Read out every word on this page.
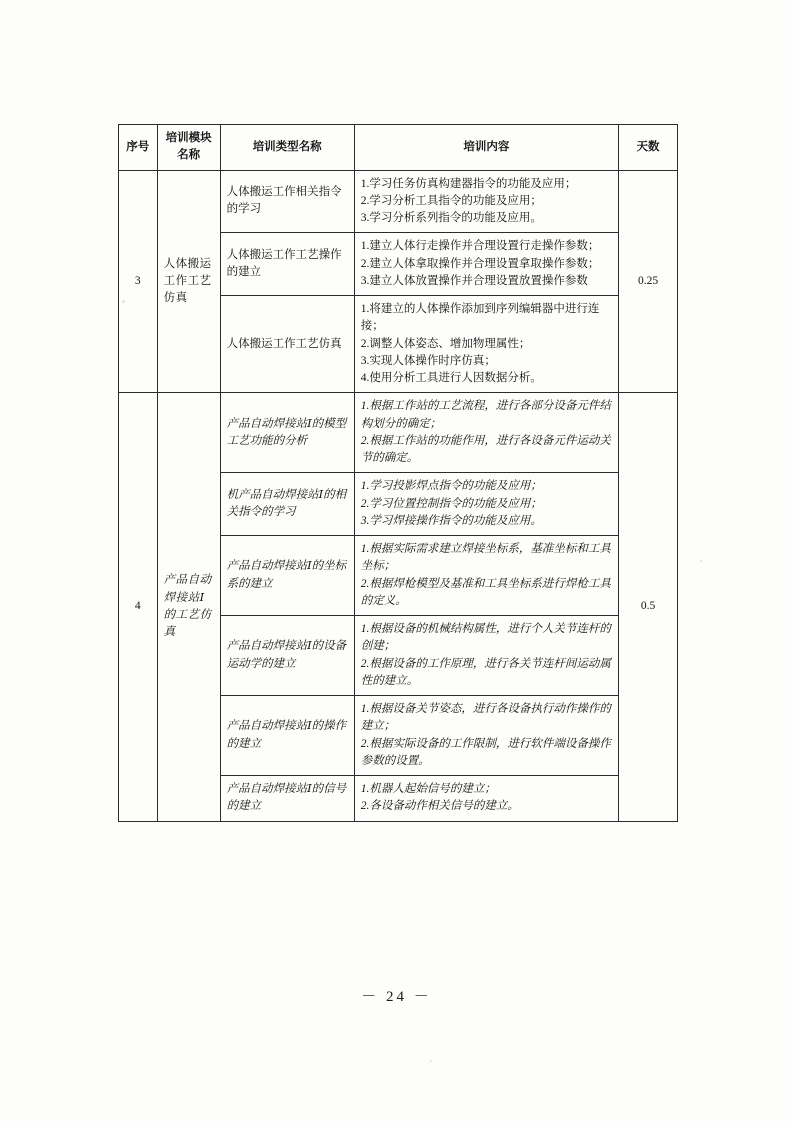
序号	培训模块名称	培训类型名称	培训内容	天数
3	人体搬运工作工艺仿真	人体搬运工作相关指令的学习	1.学习任务仿真构建器指令的功能及应用；
2.学习分析工具指令的功能及应用；
3.学习分析系列指令的功能及应用。	0.25
		人体搬运工作工艺操作的建立	1.建立人体行走操作并合理设置行走操作参数；
2.建立人体拿取操作并合理设置拿取操作参数；
3.建立人体放置操作并合理设置放置操作参数	

		人体搬运工作工艺仿真	1.将建立的人体操作添加到序列编辑器中进行连接；
2.调整人体姿态、增加物理属性；
3.实现人体操作时序仿真；
4.使用分析工具进行人因数据分析。	

4	产品自动焊接站Ⅰ的工艺仿真	产品自动焊接站Ⅰ的模型工艺功能的分析	1.根据工作站的工艺流程，进行各部分设备元件结构划分的确定；
2.根据工作站的功能作用，进行各设备元件运动关节的确定。	0.5
		机产品自动焊接站Ⅰ的相关指令的学习	1.学习投影焊点指令的功能及应用；
2.学习位置控制指令的功能及应用；
3.学习焊接操作指令的功能及应用。	

		产品自动焊接站Ⅰ的坐标系的建立	1.根据实际需求建立焊接坐标系，基准坐标和工具坐标；
2.根据焊枪模型及基准和工具坐标系进行焊枪工具的定义。	

		产品自动焊接站Ⅰ的设备运动学的建立	1.根据设备的机械结构属性，进行个人关节连杆的创建；
2.根据设备的工作原理，进行各关节连杆间运动属性的建立。	

		产品自动焊接站Ⅰ的操作的建立	1.根据设备关节姿态，进行各设备执行动作操作的建立；
2.根据实际设备的工作限制，进行软件端设备操作参数的设置。	

		产品自动焊接站Ⅰ的信号的建立	1.机器人起始信号的建立；
2.各设备动作相关信号的建立。	
－ 24 －
